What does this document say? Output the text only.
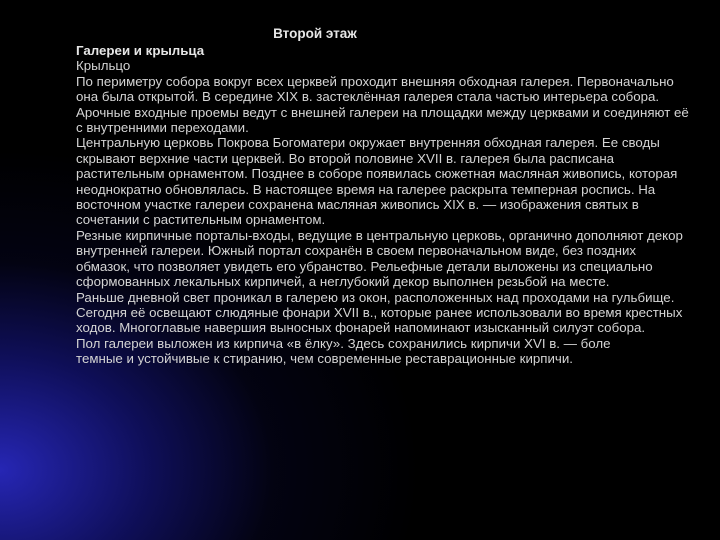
Второй этаж

Галереи и крыльца

Крыльцо

По периметру собора вокруг всех церквей проходит внешняя обходная галерея. Первоначально она была открытой. В середине XIX в. застеклённая галерея стала частью интерьера собора. Арочные входные проемы ведут с внешней галереи на площадки между церквами и соединяют её с внутренними переходами.

Центральную церковь Покрова Богоматери окружает внутренняя обходная галерея. Ее своды скрывают верхние части церквей. Во второй половине XVII в. галерея была расписана растительным орнаментом. Позднее в соборе появилась сюжетная масляная живопись, которая неоднократно обновлялась. В настоящее время на галерее раскрыта темперная роспись. На восточном участке галереи сохранена масляная живопись XIX в. — изображения святых в сочетании с растительным орнаментом.

Резные кирпичные порталы-входы, ведущие в центральную церковь, органично дополняют декор внутренней галереи. Южный портал сохранён в своем первоначальном виде, без поздних обмазок, что позволяет увидеть его убранство. Рельефные детали выложены из специально сформованных лекальных кирпичей, а неглубокий декор выполнен резьбой на месте.

Раньше дневной свет проникал в галерею из окон, расположенных над проходами на гульбище. Сегодня её освещают слюдяные фонари XVII в., которые ранее использовали во время крестных ходов. Многоглавые навершия выносных фонарей напоминают изысканный силуэт собора.

Пол галереи выложен из кирпича «в ёлку». Здесь сохранились кирпичи XVI в. — боле

темные и устойчивые к стиранию, чем современные реставрационные кирпичи.
